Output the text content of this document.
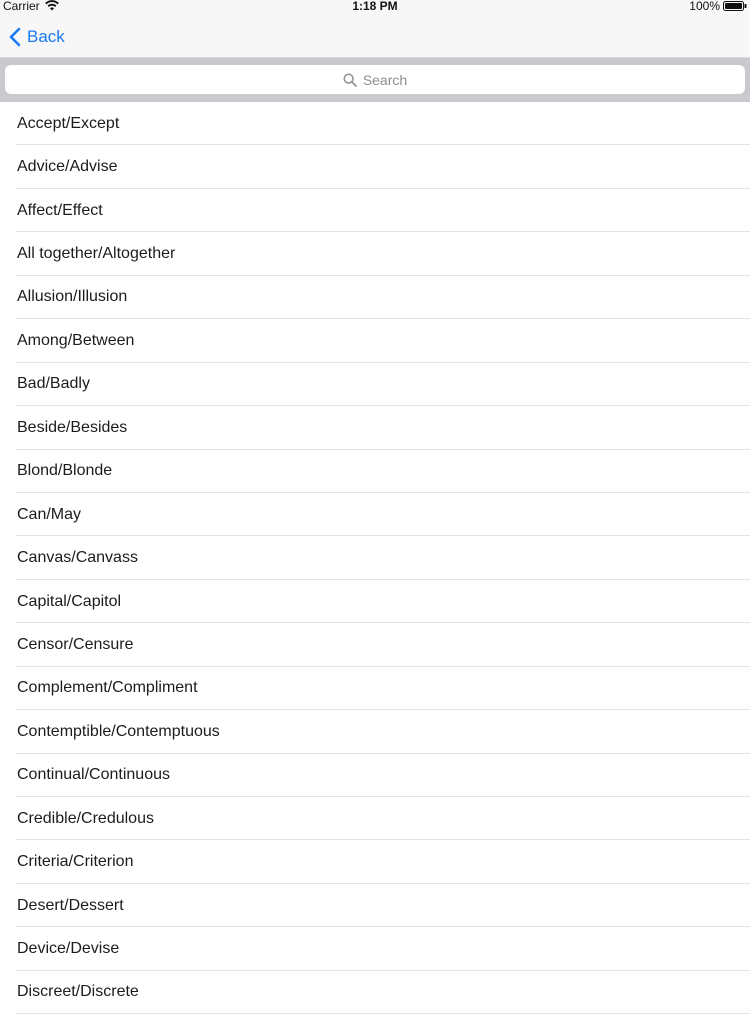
Carrier	1:18 PM	100%
Back
Search
Accept/Except
Advice/Advise
Affect/Effect
All together/Altogether
Allusion/Illusion
Among/Between
Bad/Badly
Beside/Besides
Blond/Blonde
Can/May
Canvas/Canvass
Capital/Capitol
Censor/Censure
Complement/Compliment
Contemptible/Contemptuous
Continual/Continuous
Credible/Credulous
Criteria/Criterion
Desert/Dessert
Device/Devise
Discreet/Discrete
